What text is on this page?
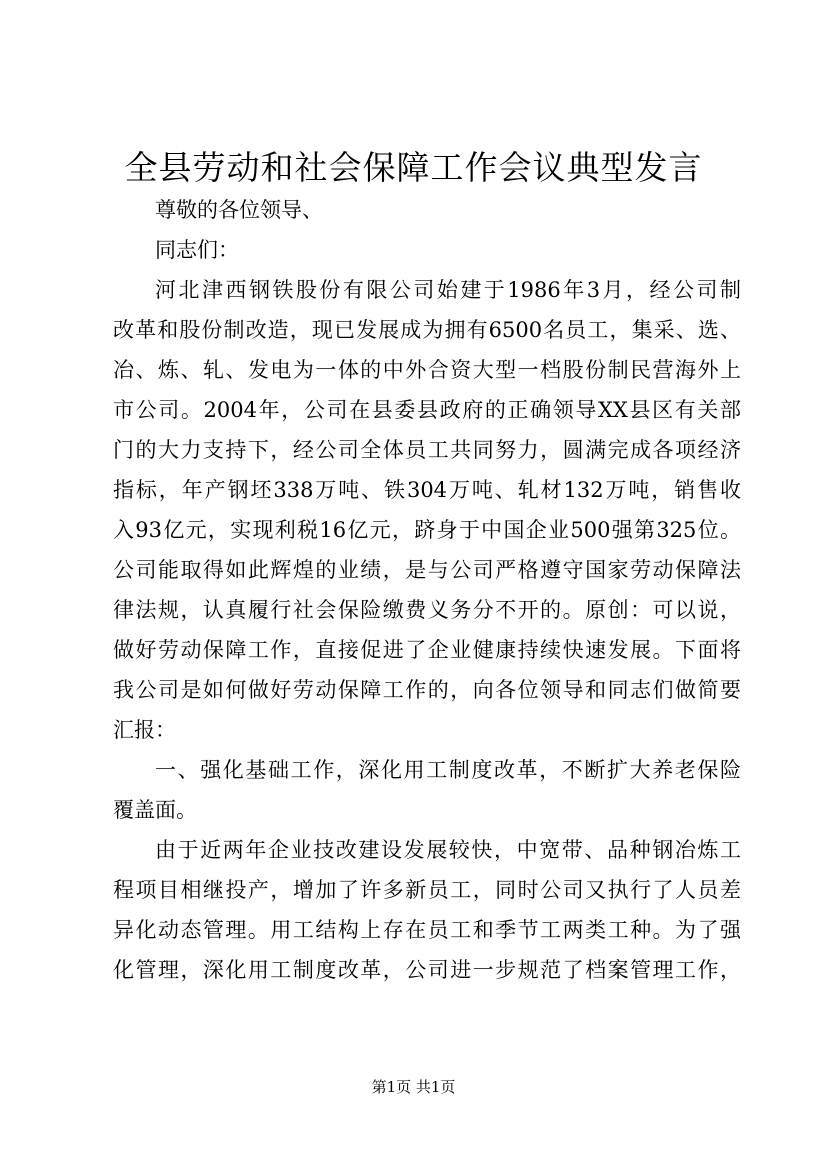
全县劳动和社会保障工作会议典型发言
尊敬的各位领导、
同志们：
河北津西钢铁股份有限公司始建于1986年3月，经公司制
改革和股份制改造，现已发展成为拥有6500名员工，集采、选、
冶、炼、轧、发电为一体的中外合资大型一档股份制民营海外上
市公司。2004年，公司在县委县政府的正确领导XX县区有关部
门的大力支持下，经公司全体员工共同努力，圆满完成各项经济
指标，年产钢坯338万吨、铁304万吨、轧材132万吨，销售收
入93亿元，实现利税16亿元，跻身于中国企业500强第325位。
公司能取得如此辉煌的业绩，是与公司严格遵守国家劳动保障法
律法规，认真履行社会保险缴费义务分不开的。原创：可以说，
做好劳动保障工作，直接促进了企业健康持续快速发展。下面将
我公司是如何做好劳动保障工作的，向各位领导和同志们做简要
汇报：
一、强化基础工作，深化用工制度改革，不断扩大养老保险
覆盖面。
由于近两年企业技改建设发展较快，中宽带、品种钢冶炼工
程项目相继投产，增加了许多新员工，同时公司又执行了人员差
异化动态管理。用工结构上存在员工和季节工两类工种。为了强
化管理，深化用工制度改革，公司进一步规范了档案管理工作，
第1页 共1页
